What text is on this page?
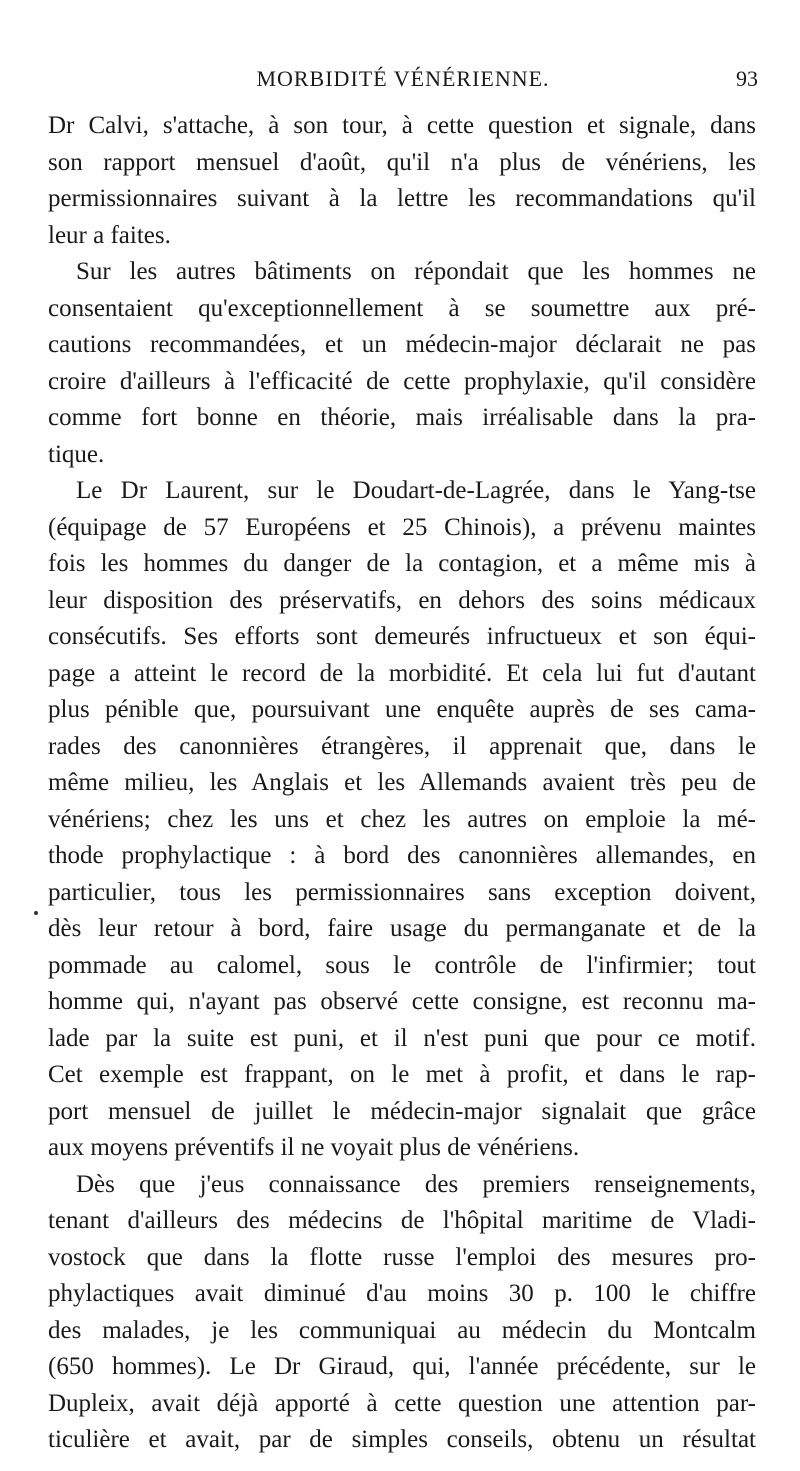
MORBIDITÉ VÉNÉRIENNE.	93
Dr Calvi, s'attache, à son tour, à cette question et signale, dans
son rapport mensuel d'août, qu'il n'a plus de vénériens, les
permissionnaires suivant à la lettre les recommandations qu'il
leur a faites.
Sur les autres bâtiments on répondait que les hommes ne
consentaient qu'exceptionnellement à se soumettre aux pré-
cautions recommandées, et un médecin-major déclarait ne pas
croire d'ailleurs à l'efficacité de cette prophylaxie, qu'il considère
comme fort bonne en théorie, mais irréalisable dans la pra-
tique.
Le Dr Laurent, sur le Doudart-de-Lagrée, dans le Yang-tse
(équipage de 57 Européens et 25 Chinois), a prévenu maintes
fois les hommes du danger de la contagion, et a même mis à
leur disposition des préservatifs, en dehors des soins médicaux
consécutifs. Ses efforts sont demeurés infructueux et son équi-
page a atteint le record de la morbidité. Et cela lui fut d'autant
plus pénible que, poursuivant une enquête auprès de ses cama-
rades des canonnières étrangères, il apprenait que, dans le
même milieu, les Anglais et les Allemands avaient très peu de
vénériens; chez les uns et chez les autres on emploie la mé-
thode prophylactique : à bord des canonnières allemandes, en
particulier, tous les permissionnaires sans exception doivent,
dès leur retour à bord, faire usage du permanganate et de la
pommade au calomel, sous le contrôle de l'infirmier; tout
homme qui, n'ayant pas observé cette consigne, est reconnu ma-
lade par la suite est puni, et il n'est puni que pour ce motif.
Cet exemple est frappant, on le met à profit, et dans le rap-
port mensuel de juillet le médecin-major signalait que grâce
aux moyens préventifs il ne voyait plus de vénériens.
Dès que j'eus connaissance des premiers renseignements,
tenant d'ailleurs des médecins de l'hôpital maritime de Vladi-
vostock que dans la flotte russe l'emploi des mesures pro-
phylactiques avait diminué d'au moins 30 p. 100 le chiffre
des malades, je les communiquai au médecin du Montcalm
(650 hommes). Le Dr Giraud, qui, l'année précédente, sur le
Dupleix, avait déjà apporté à cette question une attention par-
ticulière et avait, par de simples conseils, obtenu un résultat
